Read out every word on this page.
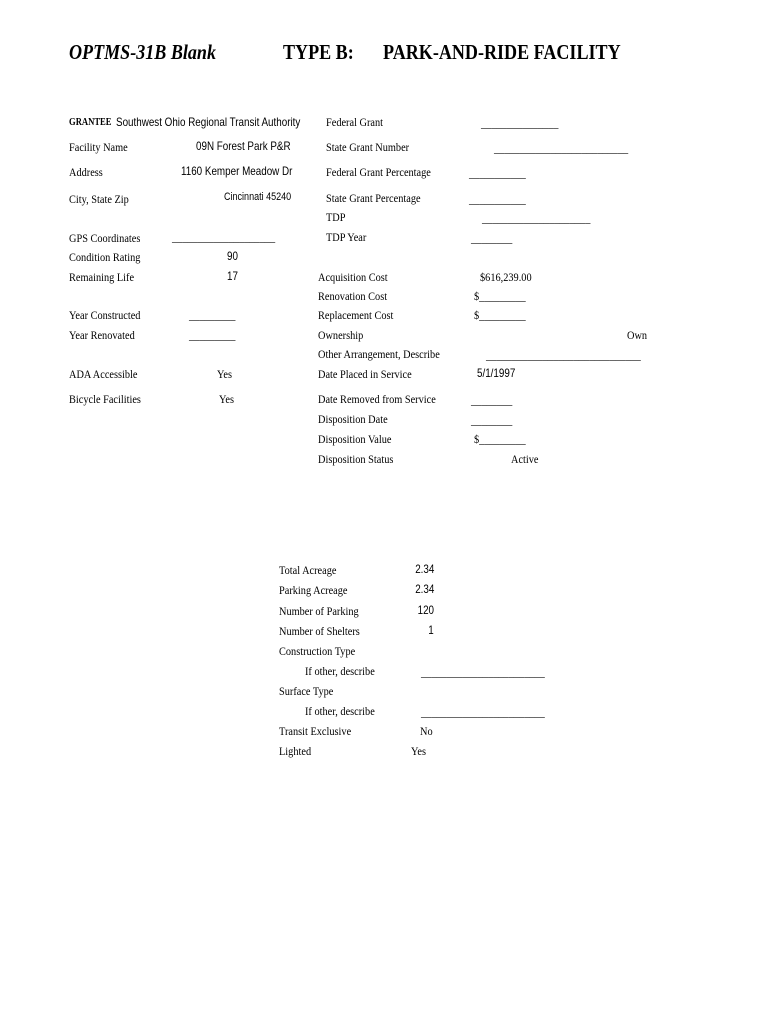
OPTMS-31B Blank	TYPE B: PARK-AND-RIDE FACILITY
GRANTEE Southwest Ohio Regional Transit Authority
Facility Name	09N Forest Park P&R
Address	1160 Kemper Meadow Dr
City, State Zip	Cincinnati 45240
GPS Coordinates	____________________
Condition Rating	90
Remaining Life	17
Year Constructed	_________
Year Renovated	_________
ADA Accessible	Yes
Bicycle Facilities	Yes
Federal Grant	_______________
State Grant Number	__________________________
Federal Grant Percentage	___________
State Grant Percentage	___________
TDP	_____________________
TDP Year	________
Acquisition Cost	$616,239.00
Renovation Cost	$_________
Replacement Cost	$_________
Ownership	Own
Other Arrangement, Describe	______________________________
Date Placed in Service	5/1/1997
Date Removed from Service	________
Disposition Date	________
Disposition Value	$_________
Disposition Status	Active
Total Acreage	2.34
Parking Acreage	2.34
Number of Parking	120
Number of Shelters	1
Construction Type
If other, describe	________________________
Surface Type
If other, describe	________________________
Transit Exclusive	No
Lighted	Yes
